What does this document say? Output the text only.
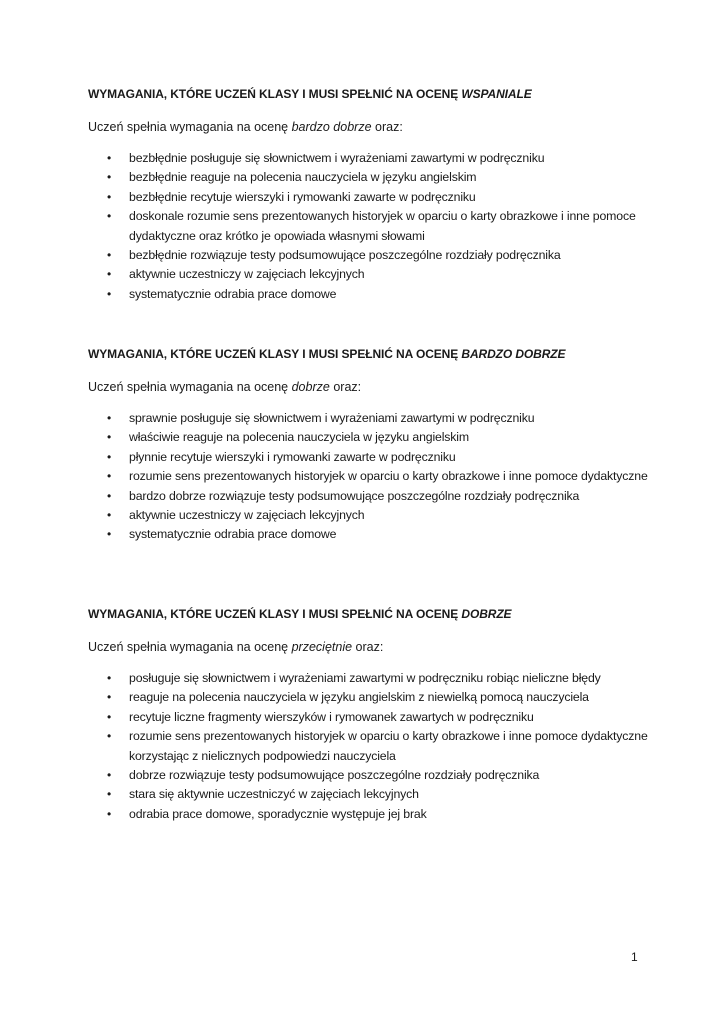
WYMAGANIA, KTÓRE UCZEŃ KLASY I MUSI SPEŁNIĆ NA OCENĘ WSPANIALE

Uczeń spełnia wymagania na ocenę bardzo dobrze oraz:

• bezbłędnie posługuje się słownictwem i wyrażeniami zawartymi w podręczniku
• bezbłędnie reaguje na polecenia nauczyciela w języku angielskim
• bezbłędnie recytuje wierszyki i rymowanki zawarte w podręczniku
• doskonale rozumie sens prezentowanych historyjek w oparciu o karty obrazkowe i inne pomoce dydaktyczne oraz krótko je opowiada własnymi słowami
• bezbłędnie rozwiązuje testy podsumowujące poszczególne rozdziały podręcznika
• aktywnie uczestniczy w zajęciach lekcyjnych
• systematycznie odrabia prace domowe

WYMAGANIA, KTÓRE UCZEŃ KLASY I MUSI SPEŁNIĆ NA OCENĘ BARDZO DOBRZE

Uczeń spełnia wymagania na ocenę dobrze oraz:

• sprawnie posługuje się słownictwem i wyrażeniami zawartymi w podręczniku
• właściwie reaguje na polecenia nauczyciela w języku angielskim
• płynnie recytuje wierszyki i rymowanki zawarte w podręczniku
• rozumie sens prezentowanych historyjek w oparciu o karty obrazkowe i inne pomoce dydaktyczne
• bardzo dobrze rozwiązuje testy podsumowujące poszczególne rozdziały podręcznika
• aktywnie uczestniczy w zajęciach lekcyjnych
• systematycznie odrabia prace domowe

WYMAGANIA, KTÓRE UCZEŃ KLASY I MUSI SPEŁNIĆ NA OCENĘ DOBRZE

Uczeń spełnia wymagania na ocenę przeciętnie oraz:

• posługuje się słownictwem i wyrażeniami zawartymi w podręczniku robiąc nieliczne błędy
• reaguje na polecenia nauczyciela w języku angielskim z niewielką pomocą nauczyciela
• recytuje liczne fragmenty wierszyków i rymowanek zawartych w podręczniku
• rozumie sens prezentowanych historyjek w oparciu o karty obrazkowe i inne pomoce dydaktyczne korzystając z nielicznych podpowiedzi nauczyciela
• dobrze rozwiązuje testy podsumowujące poszczególne rozdziały podręcznika
• stara się aktywnie uczestniczyć w zajęciach lekcyjnych
• odrabia prace domowe, sporadycznie występuje jej brak
1
